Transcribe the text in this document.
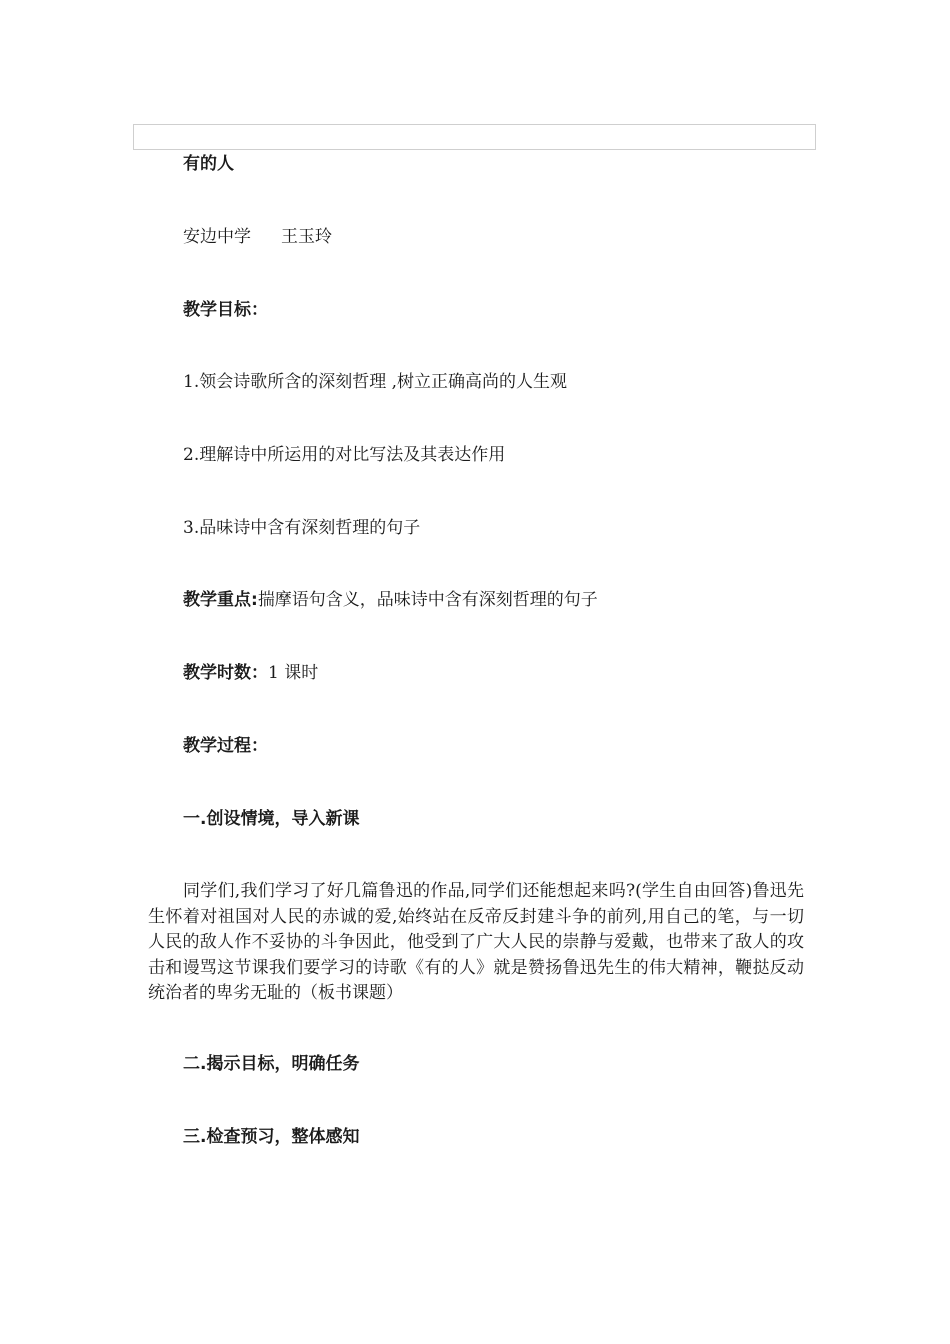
有的人
安边中学 王玉玲
教学目标：
1.领会诗歌所含的深刻哲理 ,树立正确高尚的人生观
2.理解诗中所运用的对比写法及其表达作用
3.品味诗中含有深刻哲理的句子
教学重点:揣摩语句含义，品味诗中含有深刻哲理的句子
教学时数：1 课时
教学过程：
一.创设情境，导入新课
同学们,我们学习了好几篇鲁迅的作品,同学们还能想起来吗?(学生自由回答)鲁迅先生怀着对祖国对人民的赤诚的爱,始终站在反帝反封建斗争的前列,用自己的笔，与一切人民的敌人作不妥协的斗争因此，他受到了广大人民的崇静与爱戴，也带来了敌人的攻击和谩骂这节课我们要学习的诗歌《有的人》就是赞扬鲁迅先生的伟大精神，鞭挞反动统治者的卑劣无耻的（板书课题）
二.揭示目标，明确任务
三.检查预习，整体感知
